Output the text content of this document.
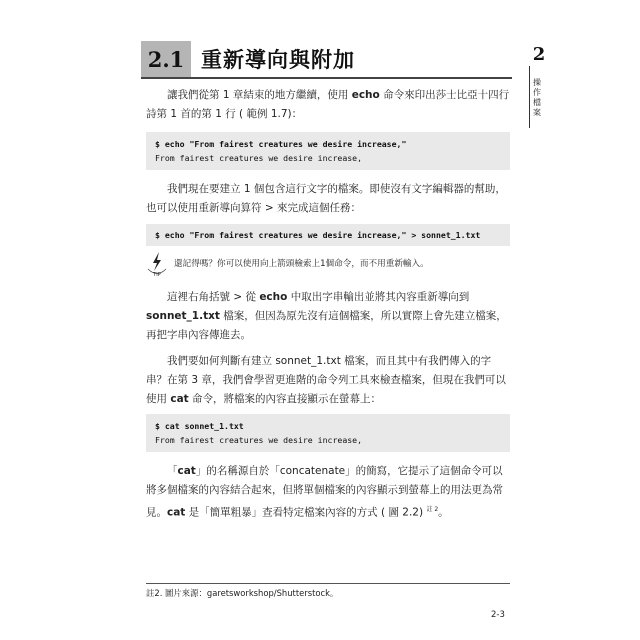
2.1 重新導向與附加	2
操作檔案
讓我們從第 1 章結束的地方繼續，使用 echo 命令來印出莎士比亞十四行詩第 1 首的第 1 行 ( 範例 1.7)：
$ echo "From fairest creatures we desire increase,"
From fairest creatures we desire increase,
我們現在要建立 1 個包含這行文字的檔案。即使沒有文字編輯器的幫助，也可以使用重新導向算符 > 來完成這個任務：
$ echo "From fairest creatures we desire increase," > sonnet_1.txt
TIP
還記得嗎？你可以使用向上箭頭檢索上1個命令，而不用重新輸入。
這裡右角括號 > 從 echo 中取出字串輸出並將其內容重新導向到 sonnet_1.txt 檔案，但因為原先沒有這個檔案，所以實際上會先建立檔案，再把字串內容傳進去。
我們要如何判斷有建立 sonnet_1.txt 檔案，而且其中有我們傳入的字串？在第 3 章，我們會學習更進階的命令列工具來檢查檔案，但現在我們可以使用 cat 命令，將檔案的內容直接顯示在螢幕上：
$ cat sonnet_1.txt
From fairest creatures we desire increase,
「cat」的名稱源自於「concatenate」的簡寫，它提示了這個命令可以將多個檔案的內容結合起來，但將單個檔案的內容顯示到螢幕上的用法更為常見。cat 是「簡單粗暴」查看特定檔案內容的方式 ( 圖 2.2) $^{註 2}$。
註2. 圖片來源：garetsworkshop/Shutterstock。
2-3
